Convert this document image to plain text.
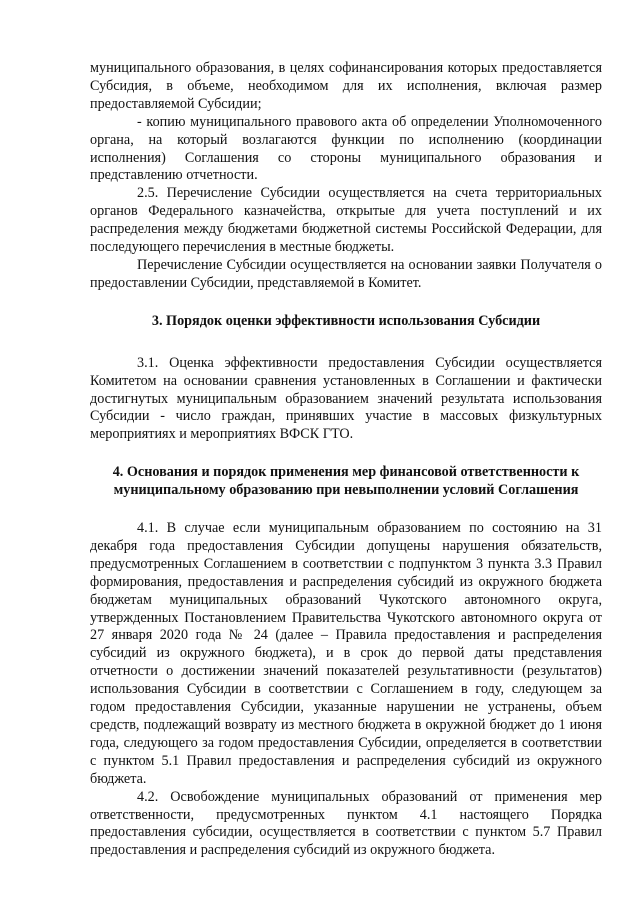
муниципального образования, в целях софинансирования которых предоставляется Субсидия, в объеме, необходимом для их исполнения, включая размер предоставляемой Субсидии;

- копию муниципального правового акта об определении Уполномоченного органа, на который возлагаются функции по исполнению (координации исполнения) Соглашения со стороны муниципального образования и представлению отчетности.

2.5. Перечисление Субсидии осуществляется на счета территориальных органов Федерального казначейства, открытые для учета поступлений и их распределения между бюджетами бюджетной системы Российской Федерации, для последующего перечисления в местные бюджеты.

Перечисление Субсидии осуществляется на основании заявки Получателя о предоставлении Субсидии, представляемой в Комитет.

3. Порядок оценки эффективности использования Субсидии

3.1. Оценка эффективности предоставления Субсидии осуществляется Комитетом на основании сравнения установленных в Соглашении и фактически достигнутых муниципальным образованием значений результата использования Субсидии - число граждан, принявших участие в массовых физкультурных мероприятиях и мероприятиях ВФСК ГТО.

4. Основания и порядок применения мер финансовой ответственности к муниципальному образованию при невыполнении условий Соглашения

4.1. В случае если муниципальным образованием по состоянию на 31 декабря года предоставления Субсидии допущены нарушения обязательств, предусмотренных Соглашением в соответствии с подпунктом 3 пункта 3.3 Правил формирования, предоставления и распределения субсидий из окружного бюджета бюджетам муниципальных образований Чукотского автономного округа, утвержденных Постановлением Правительства Чукотского автономного округа от 27 января 2020 года № 24 (далее – Правила предоставления и распределения субсидий из окружного бюджета), и в срок до первой даты представления отчетности о достижении значений показателей результативности (результатов) использования Субсидии в соответствии с Соглашением в году, следующем за годом предоставления Субсидии, указанные нарушении не устранены, объем средств, подлежащий возврату из местного бюджета в окружной бюджет до 1 июня года, следующего за годом предоставления Субсидии, определяется в соответствии с пунктом 5.1 Правил предоставления и распределения субсидий из окружного бюджета.

4.2. Освобождение муниципальных образований от применения мер ответственности, предусмотренных пунктом 4.1 настоящего Порядка предоставления субсидии, осуществляется в соответствии с пунктом 5.7 Правил предоставления и распределения субсидий из окружного бюджета.
